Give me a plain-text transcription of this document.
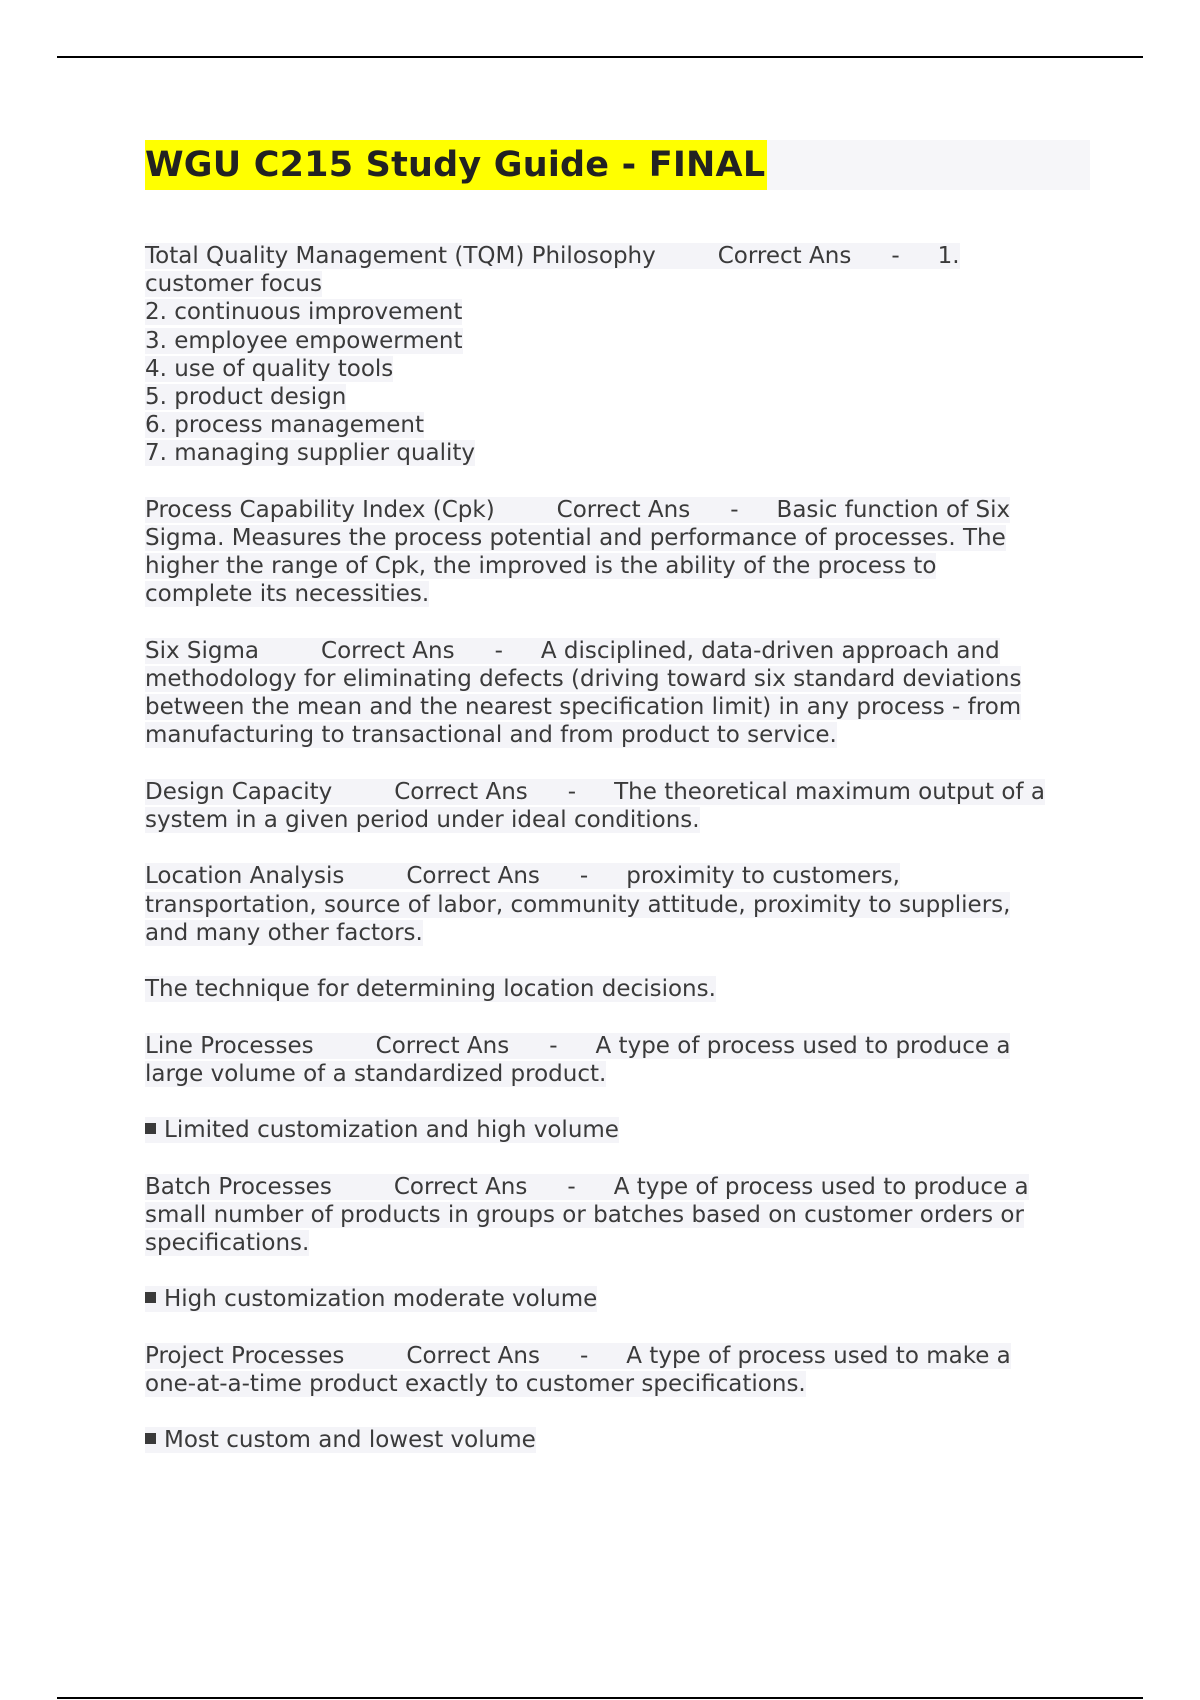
WGU C215 Study Guide - FINAL
Total Quality Management (TQM) Philosophy	Correct Ans - 1.
customer focus
2. continuous improvement
3. employee empowerment
4. use of quality tools
5. product design
6. process management
7. managing supplier quality
Process Capability Index (Cpk)	Correct Ans - Basic function of Six
Sigma. Measures the process potential and performance of processes. The
higher the range of Cpk, the improved is the ability of the process to
complete its necessities.
Six Sigma	Correct Ans - A disciplined, data-driven approach and
methodology for eliminating defects (driving toward six standard deviations
between the mean and the nearest specification limit) in any process - from
manufacturing to transactional and from product to service.
Design Capacity	Correct Ans - The theoretical maximum output of a
system in a given period under ideal conditions.
Location Analysis	Correct Ans - proximity to customers,
transportation, source of labor, community attitude, proximity to suppliers,
and many other factors.
The technique for determining location decisions.
Line Processes	Correct Ans - A type of process used to produce a
large volume of a standardized product.
Limited customization and high volume
Batch Processes	Correct Ans - A type of process used to produce a
small number of products in groups or batches based on customer orders or
specifications.
High customization moderate volume
Project Processes	Correct Ans - A type of process used to make a
one-at-a-time product exactly to customer specifications.
Most custom and lowest volume
